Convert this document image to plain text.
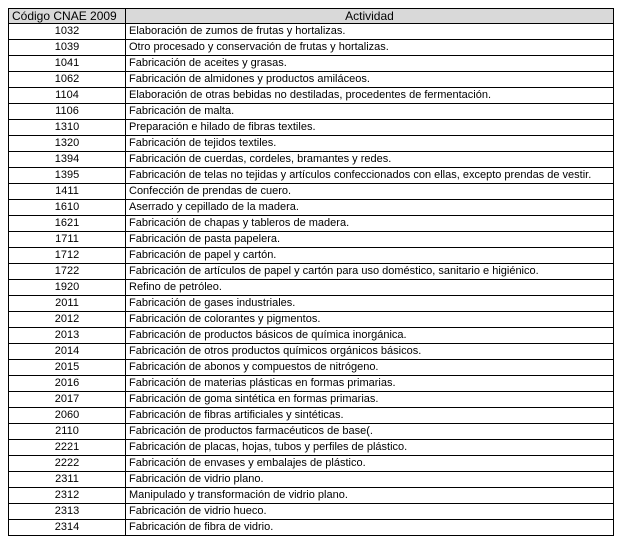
Código CNAE 2009	Actividad
1032	Elaboración de zumos de frutas y hortalizas.
1039	Otro procesado y conservación de frutas y hortalizas.
1041	Fabricación de aceites y grasas.
1062	Fabricación de almidones y productos amiláceos.
1104	Elaboración de otras bebidas no destiladas, procedentes de fermentación.
1106	Fabricación de malta.
1310	Preparación e hilado de fibras textiles.
1320	Fabricación de tejidos textiles.
1394	Fabricación de cuerdas, cordeles, bramantes y redes.
1395	Fabricación de telas no tejidas y artículos confeccionados con ellas, excepto prendas de vestir.
1411	Confección de prendas de cuero.
1610	Aserrado y cepillado de la madera.
1621	Fabricación de chapas y tableros de madera.
1711	Fabricación de pasta papelera.
1712	Fabricación de papel y cartón.
1722	Fabricación de artículos de papel y cartón para uso doméstico, sanitario e higiénico.
1920	Refino de petróleo.
2011	Fabricación de gases industriales.
2012	Fabricación de colorantes y pigmentos.
2013	Fabricación de productos básicos de química inorgánica.
2014	Fabricación de otros productos químicos orgánicos básicos.
2015	Fabricación de abonos y compuestos de nitrógeno.
2016	Fabricación de materias plásticas en formas primarias.
2017	Fabricación de goma sintética en formas primarias.
2060	Fabricación de fibras artificiales y sintéticas.
2110	Fabricación de productos farmacéuticos de base(.
2221	Fabricación de placas, hojas, tubos y perfiles de plástico.
2222	Fabricación de envases y embalajes de plástico.
2311	Fabricación de vidrio plano.
2312	Manipulado y transformación de vidrio plano.
2313	Fabricación de vidrio hueco.
2314	Fabricación de fibra de vidrio.
